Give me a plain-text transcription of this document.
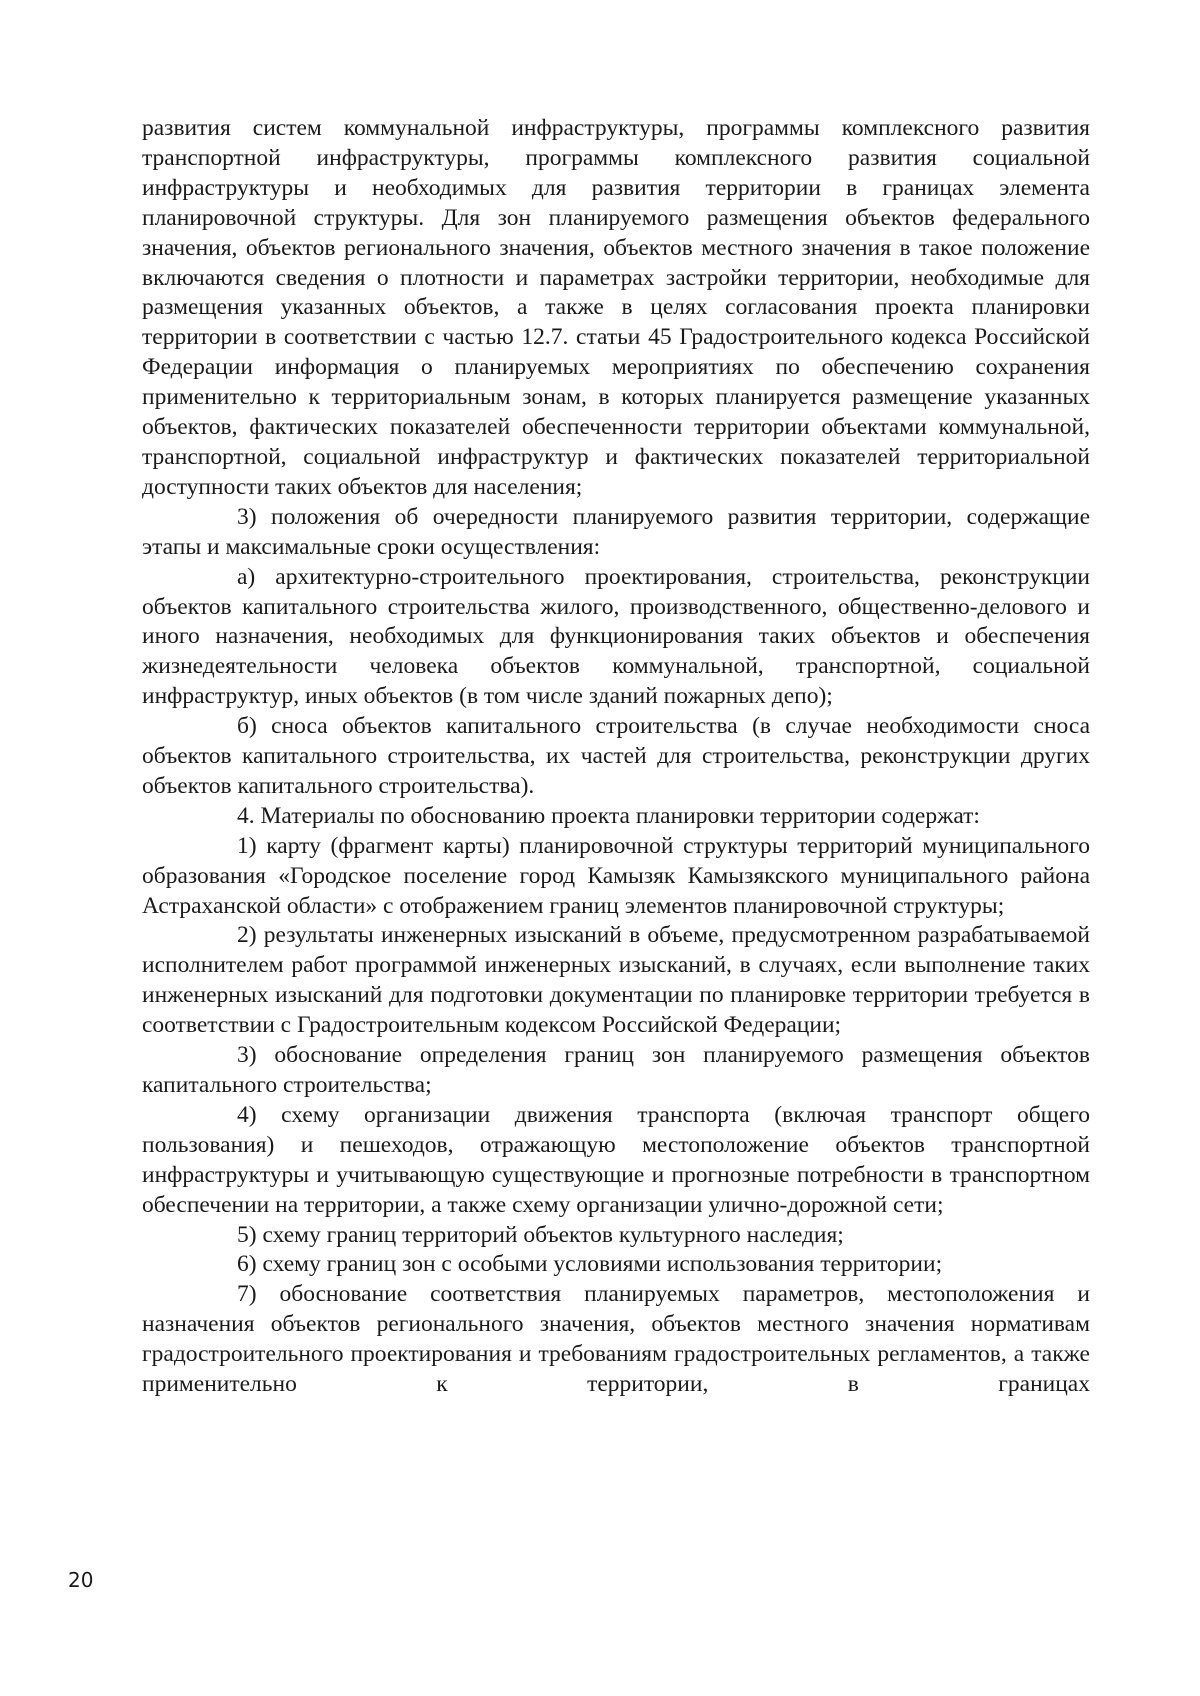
развития систем коммунальной инфраструктуры, программы комплексного развития транспортной инфраструктуры, программы комплексного развития социальной инфраструктуры и необходимых для развития территории в границах элемента планировочной структуры. Для зон планируемого размещения объектов федерального значения, объектов регионального значения, объектов местного значения в такое положение включаются сведения о плотности и параметрах застройки территории, необходимые для размещения указанных объектов, а также в целях согласования проекта планировки территории в соответствии с частью 12.7. статьи 45 Градостроительного кодекса Российской Федерации информация о планируемых мероприятиях по обеспечению сохранения применительно к территориальным зонам, в которых планируется размещение указанных объектов, фактических показателей обеспеченности территории объектами коммунальной, транспортной, социальной инфраструктур и фактических показателей территориальной доступности таких объектов для населения;

3) положения об очередности планируемого развития территории, содержащие этапы и максимальные сроки осуществления:

а) архитектурно-строительного проектирования, строительства, реконструкции объектов капитального строительства жилого, производственного, общественно-делового и иного назначения, необходимых для функционирования таких объектов и обеспечения жизнедеятельности человека объектов коммунальной, транспортной, социальной инфраструктур, иных объектов (в том числе зданий пожарных депо);

б) сноса объектов капитального строительства (в случае необходимости сноса объектов капитального строительства, их частей для строительства, реконструкции других объектов капитального строительства).

4. Материалы по обоснованию проекта планировки территории содержат:

1) карту (фрагмент карты) планировочной структуры территорий муниципального образования «Городское поселение город Камызяк Камызякского муниципального района Астраханской области» с отображением границ элементов планировочной структуры;

2) результаты инженерных изысканий в объеме, предусмотренном разрабатываемой исполнителем работ программой инженерных изысканий, в случаях, если выполнение таких инженерных изысканий для подготовки документации по планировке территории требуется в соответствии с Градостроительным кодексом Российской Федерации;

3) обоснование определения границ зон планируемого размещения объектов капитального строительства;

4) схему организации движения транспорта (включая транспорт общего пользования) и пешеходов, отражающую местоположение объектов транспортной инфраструктуры и учитывающую существующие и прогнозные потребности в транспортном обеспечении на территории, а также схему организации улично-дорожной сети;

5) схему границ территорий объектов культурного наследия;

6) схему границ зон с особыми условиями использования территории;

7) обоснование соответствия планируемых параметров, местоположения и назначения объектов регионального значения, объектов местного значения нормативам градостроительного проектирования и требованиям градостроительных регламентов, а также применительно к территории, в границах

20
